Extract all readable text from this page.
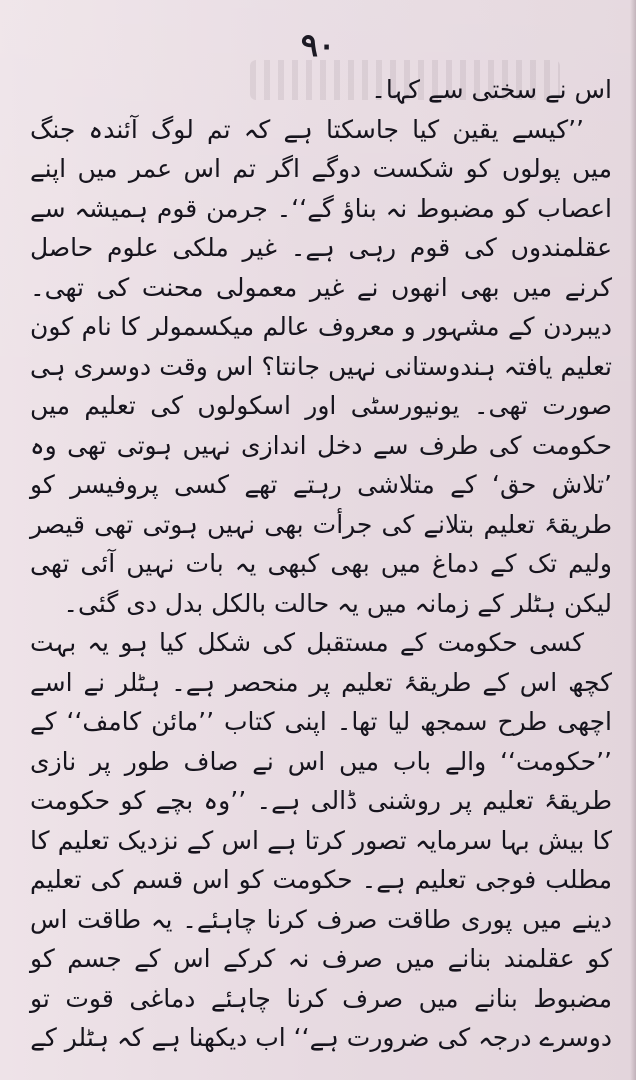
۹۰

اس نے سختی سے کہا۔

’’کیسے یقین کیا جاسکتا ہے کہ تم لوگ آئندہ جنگ میں پولوں کو شکست دوگے اگر تم اس عمر میں اپنے اعصاب کو مضبوط نہ بناؤ گے‘‘۔ جرمن قوم ہمیشہ سے عقلمندوں کی قوم رہی ہے۔ غیر ملکی علوم حاصل کرنے میں بھی انھوں نے غیر معمولی محنت کی تھی۔ دیبردن کے مشہور و معروف عالم میکسمولر کا نام کون تعلیم یافتہ ہندوستانی نہیں جانتا؟ اس وقت دوسری ہی صورت تھی۔ یونیورسٹی اور اسکولوں کی تعلیم میں حکومت کی طرف سے دخل اندازی نہیں ہوتی تھی وہ ’تلاش حق‘ کے متلاشی رہتے تھے کسی پروفیسر کو طریقۂ تعلیم بتلانے کی جرأت بھی نہیں ہوتی تھی قیصر ولیم تک کے دماغ میں بھی کبھی یہ بات نہیں آئی تھی لیکن ہٹلر کے زمانہ میں یہ حالت بالکل بدل دی گئی۔

کسی حکومت کے مستقبل کی شکل کیا ہو یہ بہت کچھ اس کے طریقۂ تعلیم پر منحصر ہے۔ ہٹلر نے اسے اچھی طرح سمجھ لیا تھا۔ اپنی کتاب ’’مائن کامف‘‘ کے ’’حکومت‘‘ والے باب میں اس نے صاف طور پر نازی طریقۂ تعلیم پر روشنی ڈالی ہے۔ ’’وہ بچے کو حکومت کا بیش بہا سرمایہ تصور کرتا ہے اس کے نزدیک تعلیم کا مطلب فوجی تعلیم ہے۔ حکومت کو اس قسم کی تعلیم دینے میں پوری طاقت صرف کرنا چاہئے۔ یہ طاقت اس کو عقلمند بنانے میں صرف نہ کرکے اس کے جسم کو مضبوط بنانے میں صرف کرنا چاہئے دماغی قوت تو دوسرے درجہ کی ضرورت ہے‘‘ اب دیکھنا ہے کہ ہٹلر کے
